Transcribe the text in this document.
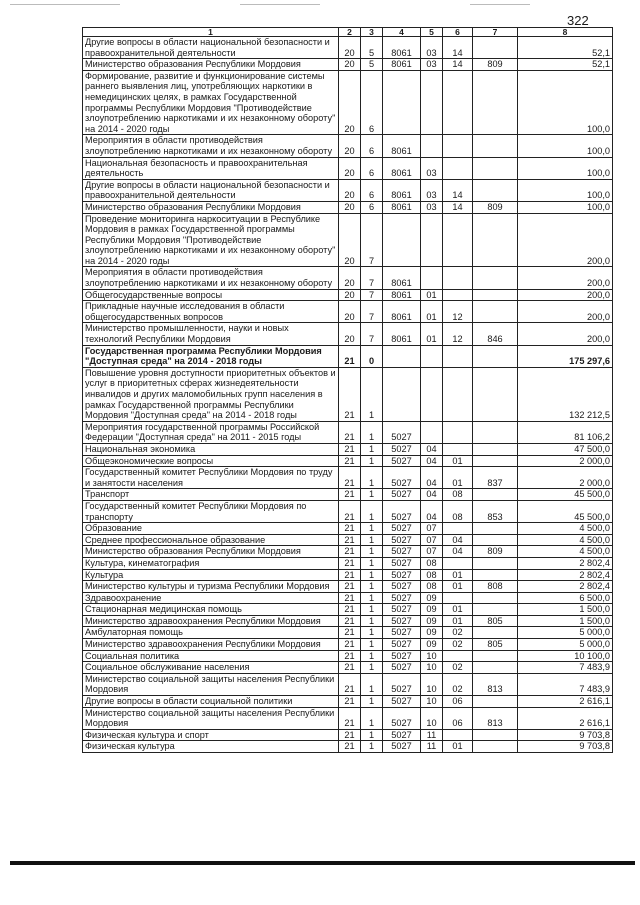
322
1	2	3	4	5	6	7	8
Другие вопросы в области национальной безопасности и правоохранительной деятельности	20	5	8061	03	14		52,1
Министерство образования Республики Мордовия	20	5	8061	03	14	809	52,1
Формирование, развитие и функционирование системы раннего выявления лиц, употребляющих наркотики в немедицинских целях, в рамках Государственной программы Республики Мордовия "Противодействие злоупотреблению наркотиками и их незаконному обороту" на 2014 - 2020 годы	20	6					100,0
Мероприятия в области противодействия злоупотреблению наркотиками и их незаконному обороту	20	6	8061				100,0
Национальная безопасность и правоохранительная деятельность	20	6	8061	03			100,0
Другие вопросы в области национальной безопасности и правоохранительной деятельности	20	6	8061	03	14		100,0
Министерство образования Республики Мордовия	20	6	8061	03	14	809	100,0
Проведение мониторинга наркоситуации в Республике Мордовия в рамках Государственной программы Республики Мордовия "Противодействие злоупотреблению наркотиками и их незаконному обороту" на 2014 - 2020 годы	20	7					200,0
Мероприятия в области противодействия злоупотреблению наркотиками и их незаконному обороту	20	7	8061				200,0
Общегосударственные вопросы	20	7	8061	01			200,0
Прикладные научные исследования в области общегосударственных вопросов	20	7	8061	01	12		200,0
Министерство промышленности, науки и новых технологий Республики Мордовия	20	7	8061	01	12	846	200,0
Государственная программа Республики Мордовия "Доступная среда" на 2014 - 2018 годы	21	0					175 297,6
Повышение уровня доступности приоритетных объектов и услуг в приоритетных сферах жизнедеятельности инвалидов и других маломобильных групп населения в рамках Государственной программы Республики Мордовия "Доступная среда" на 2014 - 2018 годы	21	1					132 212,5
Мероприятия государственной программы Российской Федерации "Доступная среда" на 2011 - 2015 годы	21	1	5027				81 106,2
Национальная экономика	21	1	5027	04			47 500,0
Общеэкономические вопросы	21	1	5027	04	01		2 000,0
Государственный комитет Республики Мордовия по труду и занятости населения	21	1	5027	04	01	837	2 000,0
Транспорт	21	1	5027	04	08		45 500,0
Государственный комитет Республики Мордовия по транспорту	21	1	5027	04	08	853	45 500,0
Образование	21	1	5027	07			4 500,0
Среднее профессиональное образование	21	1	5027	07	04		4 500,0
Министерство образования Республики Мордовия	21	1	5027	07	04	809	4 500,0
Культура, кинематография	21	1	5027	08			2 802,4
Культура	21	1	5027	08	01		2 802,4
Министерство культуры и туризма Республики Мордовия	21	1	5027	08	01	808	2 802,4
Здравоохранение	21	1	5027	09			6 500,0
Стационарная медицинская помощь	21	1	5027	09	01		1 500,0
Министерство здравоохранения Республики Мордовия	21	1	5027	09	01	805	1 500,0
Амбулаторная помощь	21	1	5027	09	02		5 000,0
Министерство здравоохранения Республики Мордовия	21	1	5027	09	02	805	5 000,0
Социальная политика	21	1	5027	10			10 100,0
Социальное обслуживание населения	21	1	5027	10	02		7 483,9
Министерство социальной защиты населения Республики Мордовия	21	1	5027	10	02	813	7 483,9
Другие вопросы в области социальной политики	21	1	5027	10	06		2 616,1
Министерство социальной защиты населения Республики Мордовия	21	1	5027	10	06	813	2 616,1
Физическая культура и спорт	21	1	5027	11			9 703,8
Физическая культура	21	1	5027	11	01		9 703,8
